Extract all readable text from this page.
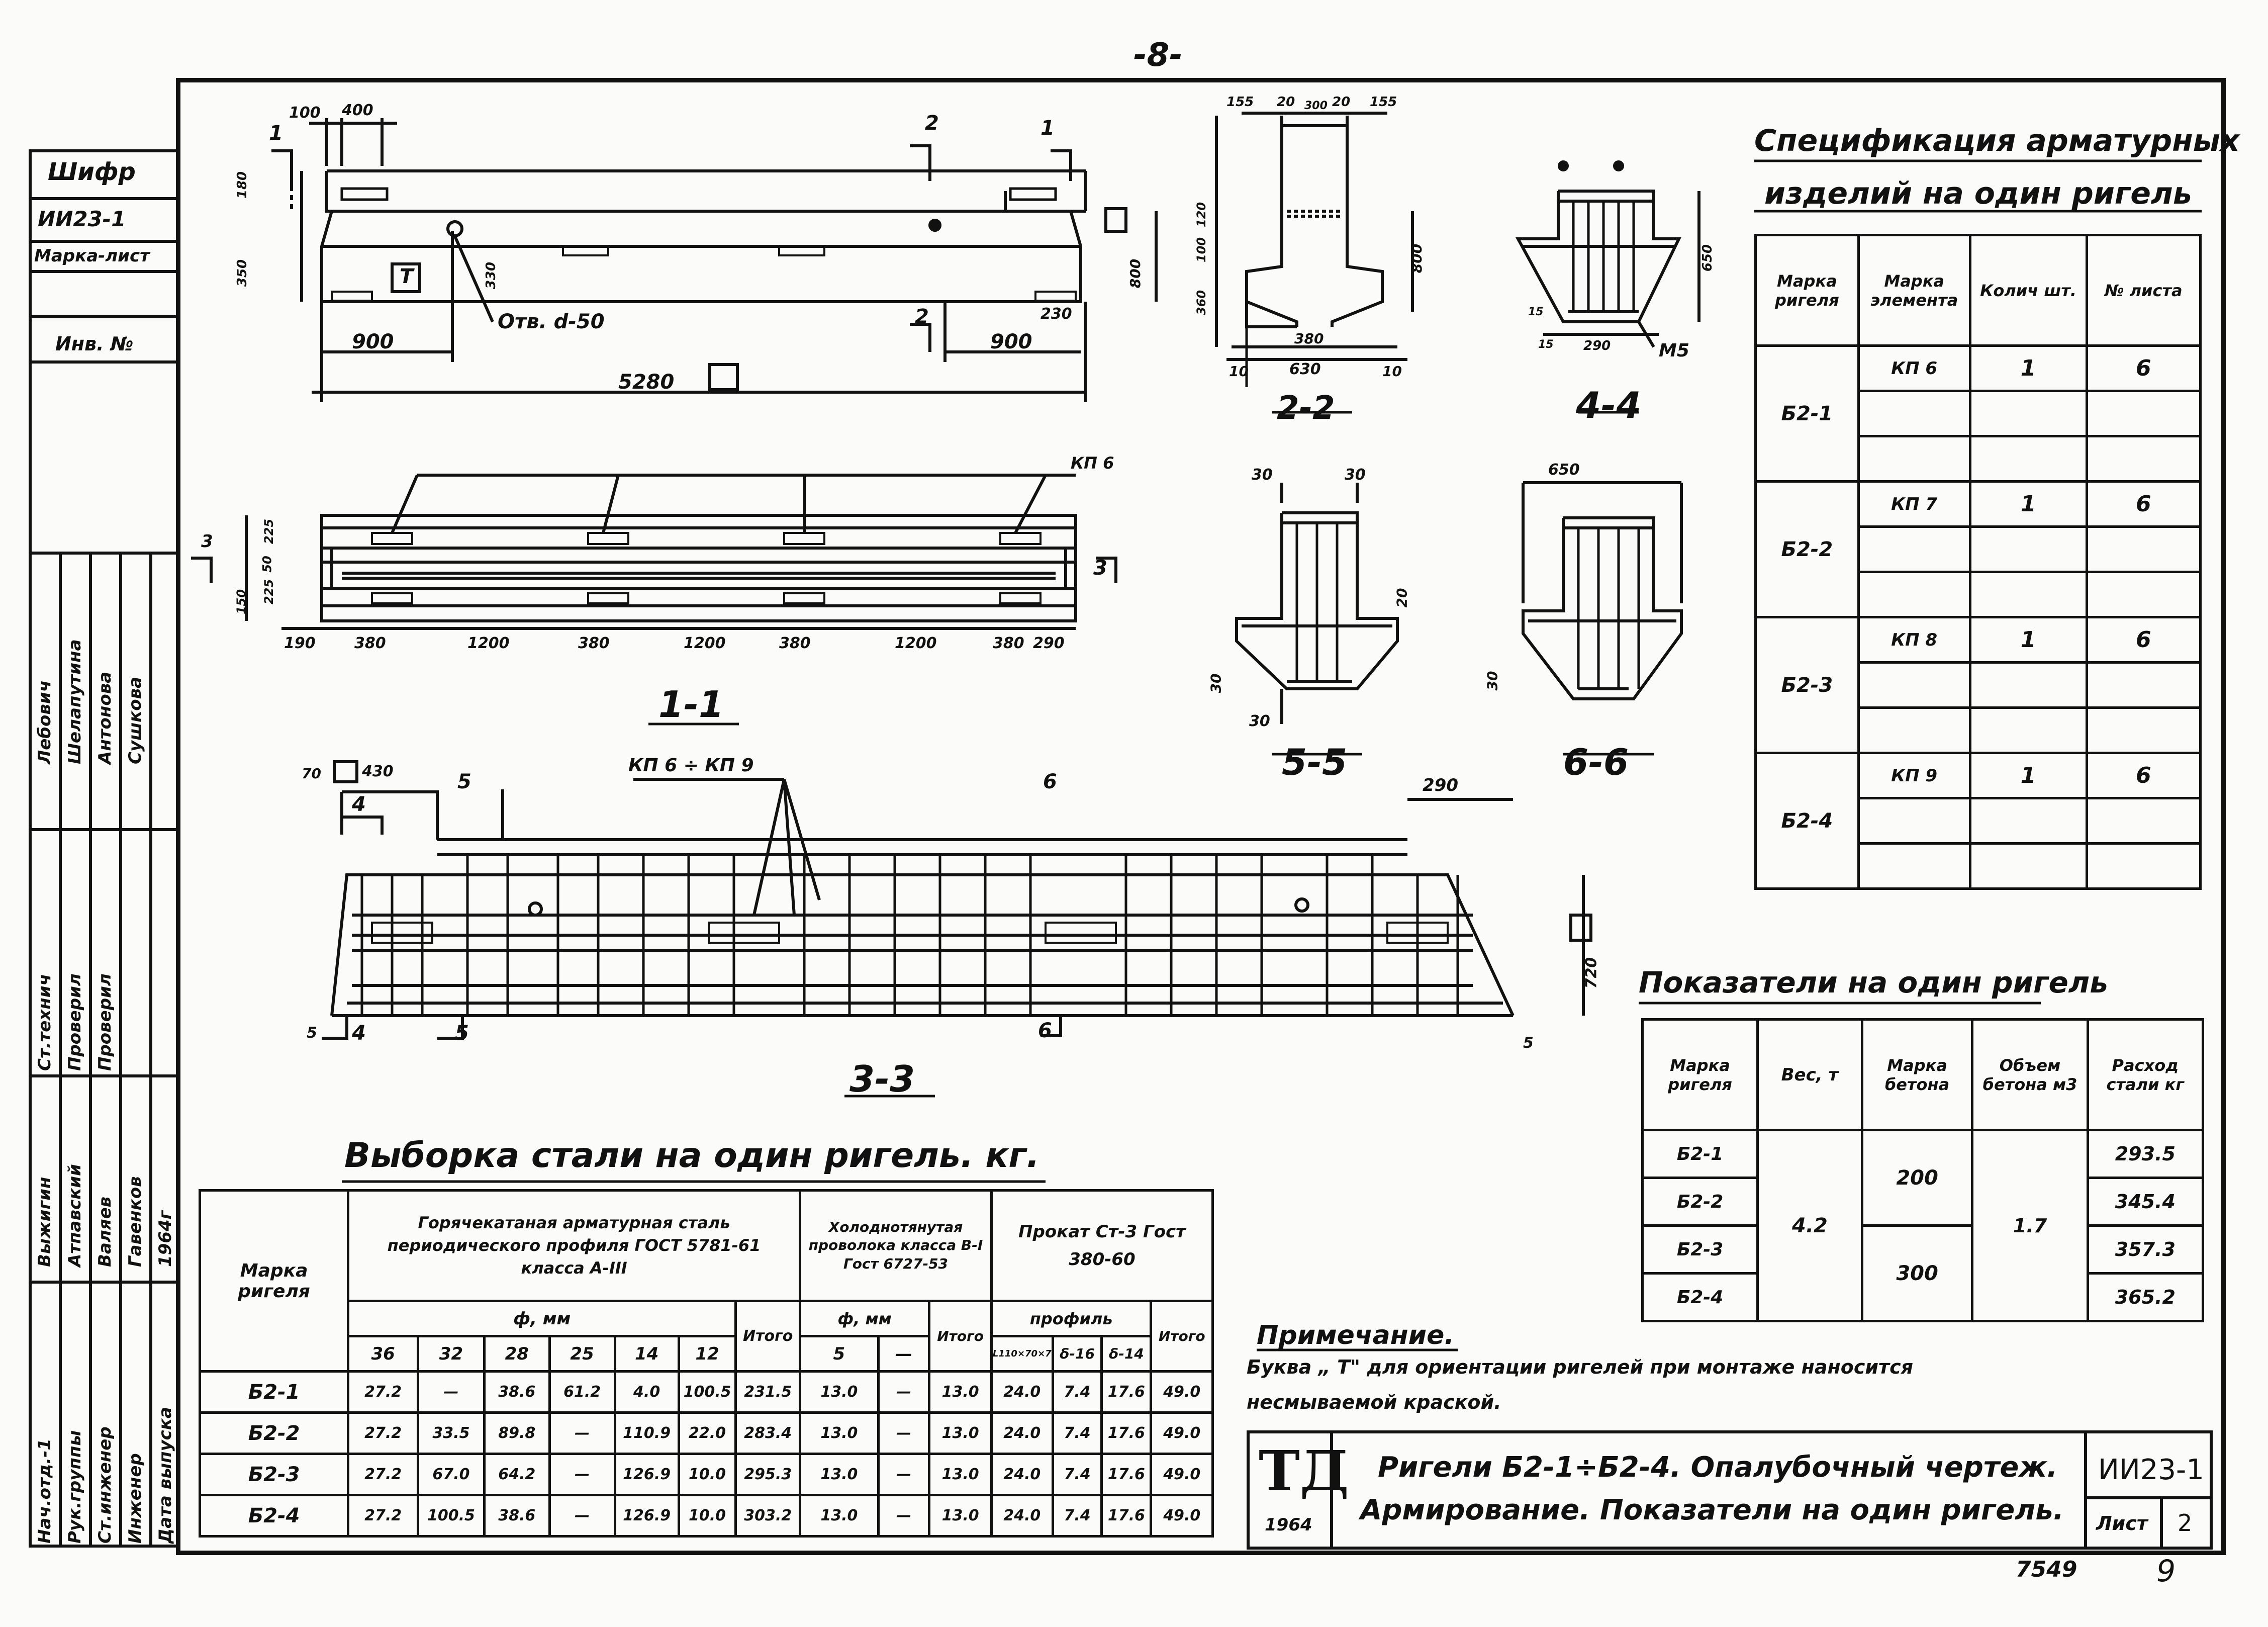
-8-
Шифр
ИИ23-1
Марка-лист
Инв. №
Нач.отд.-1 Рук.группы Ст.инженер Инженер Дата выпуска
Ст.технич Проверил Проверил
Выжигин Атпавский Валяев Гавенков 1964г
Лебович Шелапутина Антонова Сушкова
100 400
180
350	330
Отв. d-50
900	900
230
5280
T	800
1	2
2
1
КП 6
190	380	1200	380	1200	380	1200	380 290
225
50
225
150
3
3
1-1
КП 6 ÷ КП 9
70	430
290
720
5
5
4
5	6
4	5	6
3-3
155 20 300 20 155
360
100
120
800
10	630	10
380
2-2
15
15 290
650
М5
4-4
30	30
20
30
30
5-5
650
30
6-6
Спецификация арматурных
изделий на один ригель
Марка ригеля	Марка элемента	Колич шт.	№ листа
Б2-1	КП 6	1	6

Б2-2	КП 7	1	6

Б2-3	КП 8	1	6

Б2-4	КП 9	1	6

Показатели на один ригель
Марка ригеля	Вес, т	Марка бетона	Объем бетона м3	Расход стали кг
Б2-1	4.2	200	1.7	293.5
Б2-2				345.4
Б2-3		300		357.3
Б2-4				365.2
Выборка стали на один ригель. кг.
Марка ригеля	Горячекатаная арматурная сталь периодического профиля ГОСТ 5781-61 класса А-III							Холоднотянутая проволока класса В-I Гост 6727-53			Прокат Ст-3 Гост 380-60			
	ф, мм						Итого	ф, мм		Итого	профиль			Итого
	36	32	28	25	14	12		5	—		L110×70×7	δ-16	δ-14	
Б2-1	27.2	—	38.6	61.2	4.0	100.5	231.5	13.0	—	13.0	24.0	7.4	17.6	49.0
Б2-2	27.2	33.5	89.8	—	110.9	22.0	283.4	13.0	—	13.0	24.0	7.4	17.6	49.0
Б2-3	27.2	67.0	64.2	—	126.9	10.0	295.3	13.0	—	13.0	24.0	7.4	17.6	49.0
Б2-4	27.2	100.5	38.6	—	126.9	10.0	303.2	13.0	—	13.0	24.0	7.4	17.6	49.0
Примечание.
Буква „ Т" для ориентации ригелей при монтаже наносится
несмываемой краской.
ТД
1964
Ригели Б2-1÷Б2-4. Опалубочный чертеж.
Армирование. Показатели на один ригель.
ИИ23-1
Лист 2
7549	9
